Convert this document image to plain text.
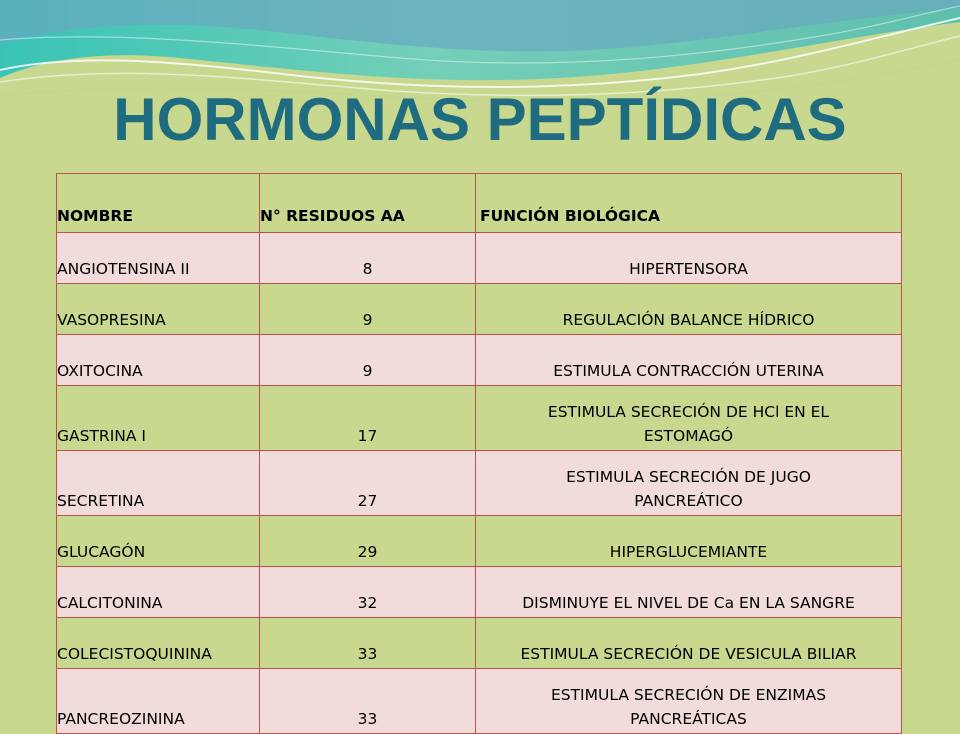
HORMONAS PEPTÍDICAS
NOMBRE	N° RESIDUOS AA	FUNCIÓN BIOLÓGICA
ANGIOTENSINA II	8	HIPERTENSORA

VASOPRESINA	9	REGULACIÓN BALANCE HÍDRICO

OXITOCINA	9	ESTIMULA CONTRACCIÓN UTERINA

GASTRINA I	17	ESTIMULA SECRECIÓN DE HCl EN EL
ESTOMAGÓ

SECRETINA	27	ESTIMULA SECRECIÓN DE JUGO
PANCREÁTICO

GLUCAGÓN	29	HIPERGLUCEMIANTE

CALCITONINA	32	DISMINUYE EL NIVEL DE Ca EN LA SANGRE

COLECISTOQUININA	33	ESTIMULA SECRECIÓN DE VESICULA BILIAR

PANCREOZININA	33	ESTIMULA SECRECIÓN DE ENZIMAS
PANCREÁTICAS
